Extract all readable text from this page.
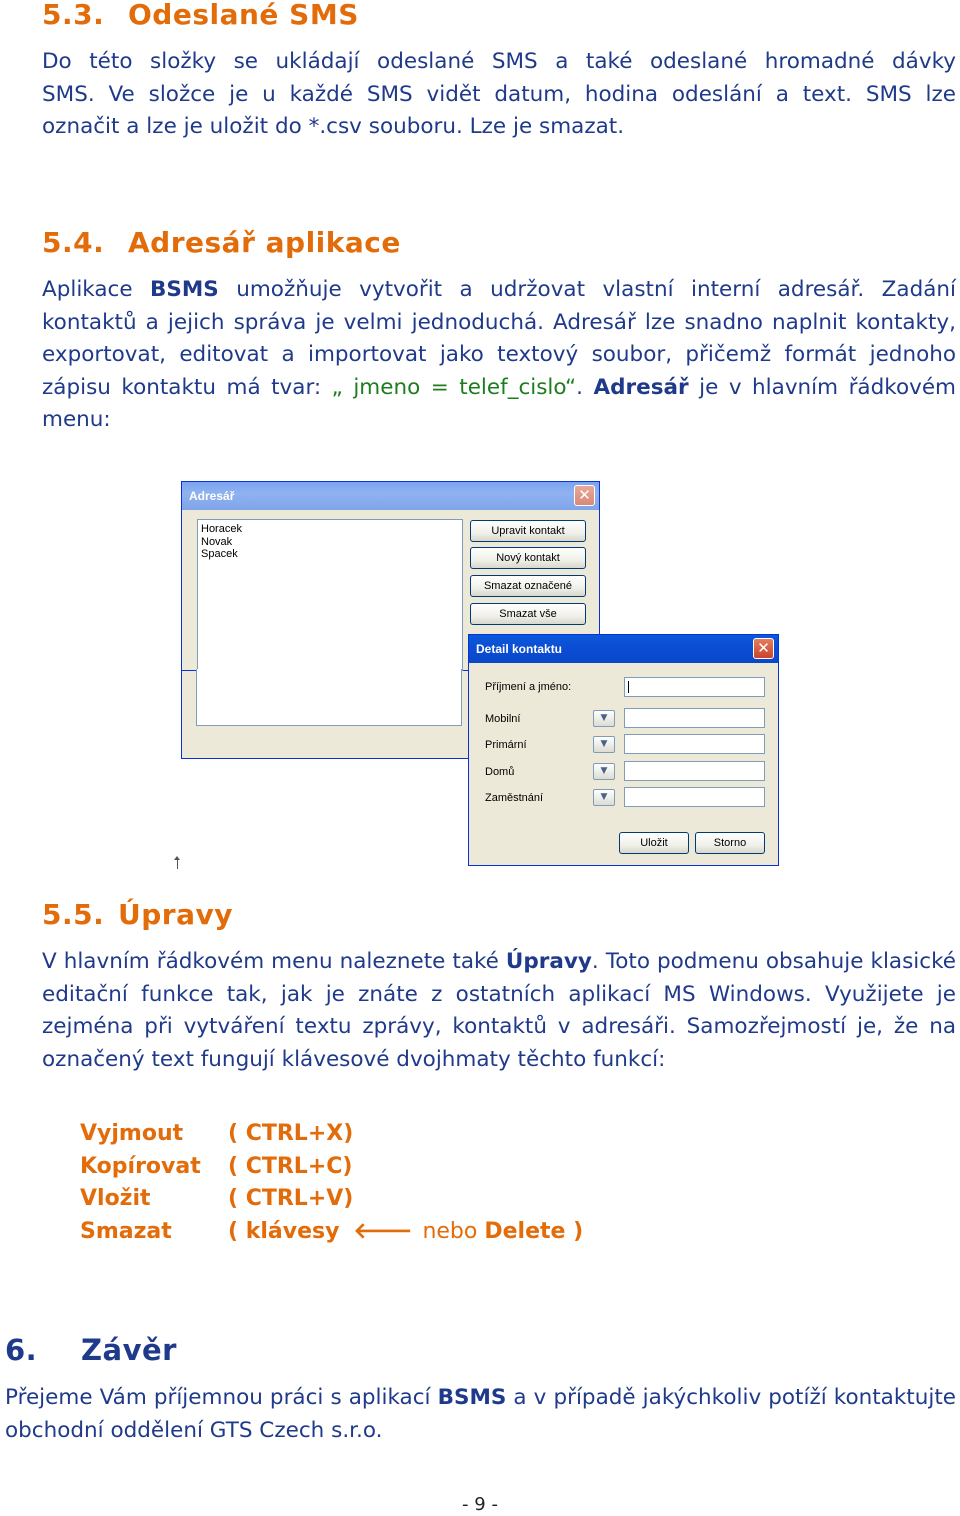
5.3. Odeslané SMS
Do této složky se ukládají odeslané SMS a také odeslané hromadné dávky
SMS. Ve složce je u každé SMS vidět datum, hodina odeslání a text. SMS lze
označit a lze je uložit do *.csv souboru. Lze je smazat.
5.4. Adresář aplikace

Aplikace BSMS umožňuje vytvořit a udržovat vlastní interní adresář. Zadání kontaktů a jejich správa je velmi jednoduchá. Adresář lze snadno naplnit kontakty, exportovat, editovat a importovat jako textový soubor, přičemž formát jednoho zápisu kontaktu má tvar: „ jmeno = telef_cislo“. Adresář je v hlavním řádkovém menu:

Adresář	✕
Horacek
Novak
Spacek
Upravit kontakt
Nový kontakt
Smazat označené
Smazat vše
Detail kontaktu	✕
Příjmení a jméno:
Mobilní	▼
Primární	▼
Domů	▼
Zaměstnání	▼
Uložit	Storno
5.5. Úpravy

V hlavním řádkovém menu naleznete také Úpravy. Toto podmenu obsahuje klasické editační funkce tak, jak je znáte z ostatních aplikací MS Windows. Využijete je zejména při vytváření textu zprávy, kontaktů v adresáři. Samozřejmostí je, že na označený text fungují klávesové dvojhmaty těchto funkcí:

Vyjmout ( CTRL+X)
Kopírovat ( CTRL+C)
Vložit	( CTRL+V)
Smazat	( klávesy 🡐 nebo Delete )
6. Závěr

Přejeme Vám příjemnou práci s aplikací BSMS a v případě jakýchkoliv potíží kontaktujte obchodní oddělení GTS Czech s.r.o.

- 9 -
